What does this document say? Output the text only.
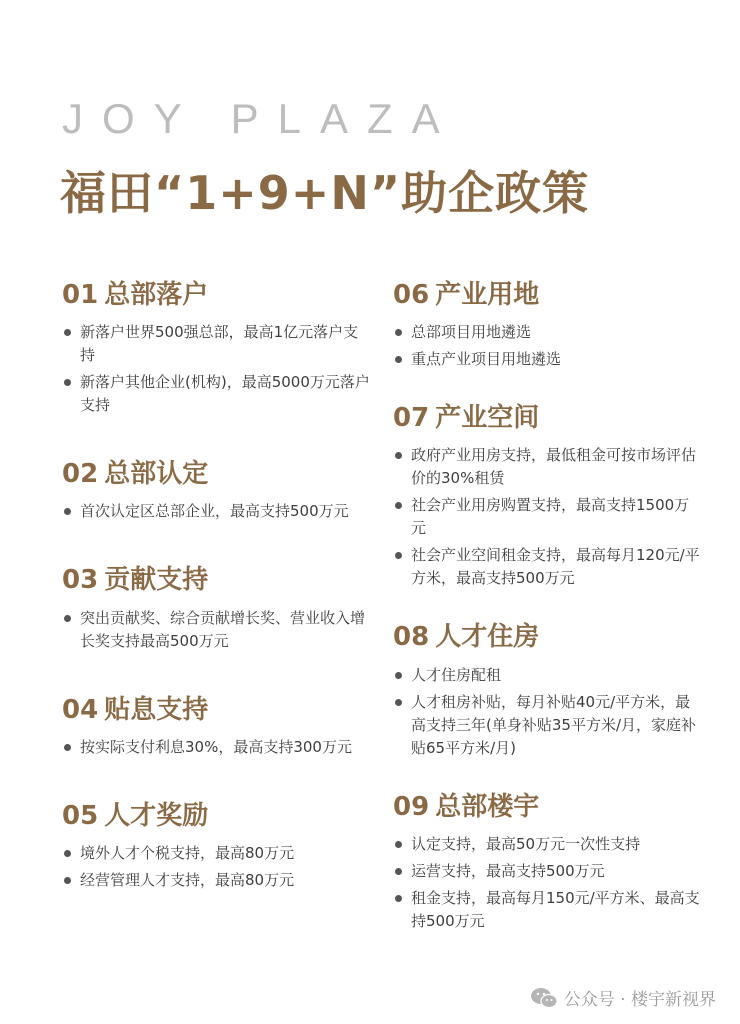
JOY PLAZA
福田“1+9+N”助企政策
01 总部落户
新落户世界500强总部，最高1亿元落户支持
新落户其他企业(机构)，最高5000万元落户支持
02 总部认定
首次认定区总部企业，最高支持500万元
03 贡献支持
突出贡献奖、综合贡献增长奖、营业收入增长奖支持最高500万元
04 贴息支持
按实际支付利息30%，最高支持300万元
05 人才奖励
境外人才个税支持，最高80万元
经营管理人才支持，最高80万元
06 产业用地
总部项目用地遴选
重点产业项目用地遴选
07 产业空间
政府产业用房支持，最低租金可按市场评估价的30%租赁
社会产业用房购置支持，最高支持1500万元
社会产业空间租金支持，最高每月120元/平方米，最高支持500万元
08 人才住房
人才住房配租
人才租房补贴，每月补贴40元/平方米，最高支持三年(单身补贴35平方米/月，家庭补贴65平方米/月)
09 总部楼宇
认定支持，最高50万元一次性支持
运营支持，最高支持500万元
租金支持，最高每月150元/平方米、最高支持500万元
公众号 · 楼宇新视界
